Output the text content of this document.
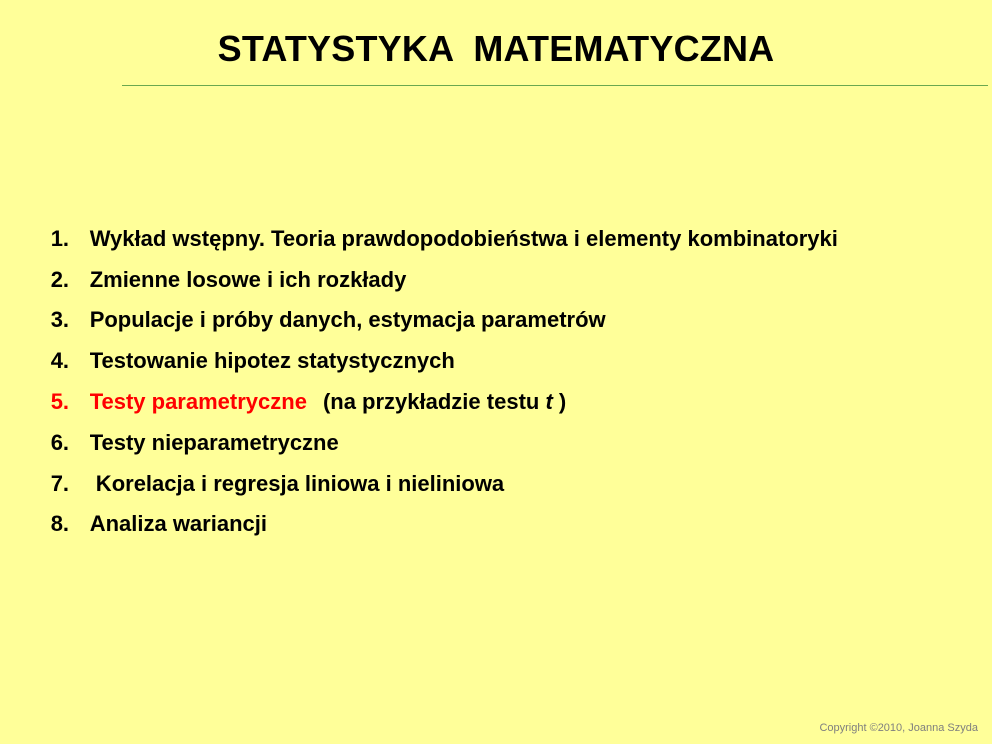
STATYSTYKA  MATEMATYCZNA

1. Wykład wstępny. Teoria prawdopodobieństwa i elementy kombinatoryki

2. Zmienne losowe i ich rozkłady

3. Populacje i próby danych, estymacja parametrów

4. Testowanie hipotez statystycznych

5. Testy parametryczne (na przykładzie testu t )

6. Testy nieparametryczne

7. Korelacja i regresja liniowa i nieliniowa

8. Analiza wariancji

Copyright ©2010, Joanna Szyda
